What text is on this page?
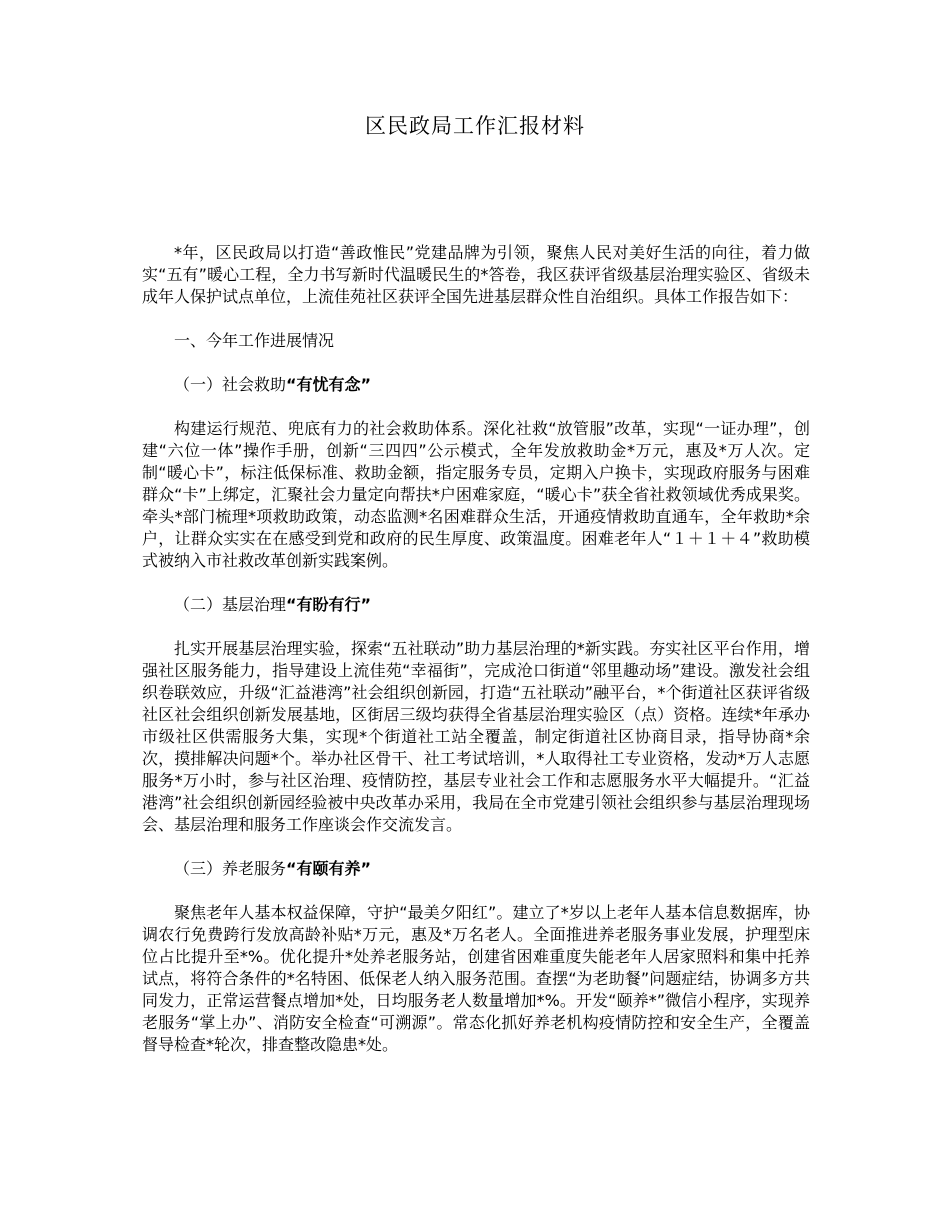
区民政局工作汇报材料

*年，区民政局以打造“善政惟民”党建品牌为引领，聚焦人民对美好生活的向往，着力做实“五有”暖心工程，全力书写新时代温暖民生的*答卷，我区获评省级基层治理实验区、省级未成年人保护试点单位，上流佳苑社区获评全国先进基层群众性自治组织。具体工作报告如下：

一、今年工作进展情况

（一）社会救助“有忧有念”

构建运行规范、兜底有力的社会救助体系。深化社救“放管服”改革，实现“一证办理”，创建“六位一体”操作手册，创新“三四四”公示模式，全年发放救助金*万元，惠及*万人次。定制“暖心卡”，标注低保标准、救助金额，指定服务专员，定期入户换卡，实现政府服务与困难群众“卡”上绑定，汇聚社会力量定向帮扶*户困难家庭，“暖心卡”获全省社救领域优秀成果奖。牵头*部门梳理*项救助政策，动态监测*名困难群众生活，开通疫情救助直通车，全年救助*余户，让群众实实在在感受到党和政府的民生厚度、政策温度。困难老年人“１＋１＋４”救助模式被纳入市社救改革创新实践案例。

（二）基层治理“有盼有行”

扎实开展基层治理实验，探索“五社联动”助力基层治理的*新实践。夯实社区平台作用，增强社区服务能力，指导建设上流佳苑“幸福街”，完成沧口街道“邻里趣动场”建设。激发社会组织卷联效应，升级“汇益港湾”社会组织创新园，打造“五社联动”融平台，*个街道社区获评省级社区社会组织创新发展基地，区街居三级均获得全省基层治理实验区（点）资格。连续*年承办市级社区供需服务大集，实现*个街道社工站全覆盖，制定街道社区协商目录，指导协商*余次，摸排解决问题*个。举办社区骨干、社工考试培训，*人取得社工专业资格，发动*万人志愿服务*万小时，参与社区治理、疫情防控，基层专业社会工作和志愿服务水平大幅提升。“汇益港湾”社会组织创新园经验被中央改革办采用，我局在全市党建引领社会组织参与基层治理现场会、基层治理和服务工作座谈会作交流发言。

（三）养老服务“有颐有养”

聚焦老年人基本权益保障，守护“最美夕阳红”。建立了*岁以上老年人基本信息数据库，协调农行免费跨行发放高龄补贴*万元，惠及*万名老人。全面推进养老服务事业发展，护理型床位占比提升至*%。优化提升*处养老服务站，创建省困难重度失能老年人居家照料和集中托养试点，将符合条件的*名特困、低保老人纳入服务范围。查摆“为老助餐”问题症结，协调多方共同发力，正常运营餐点增加*处，日均服务老人数量增加*%。开发“颐养*”微信小程序，实现养老服务“掌上办”、消防安全检查“可溯源”。常态化抓好养老机构疫情防控和安全生产，全覆盖督导检查*轮次，排查整改隐患*处。
